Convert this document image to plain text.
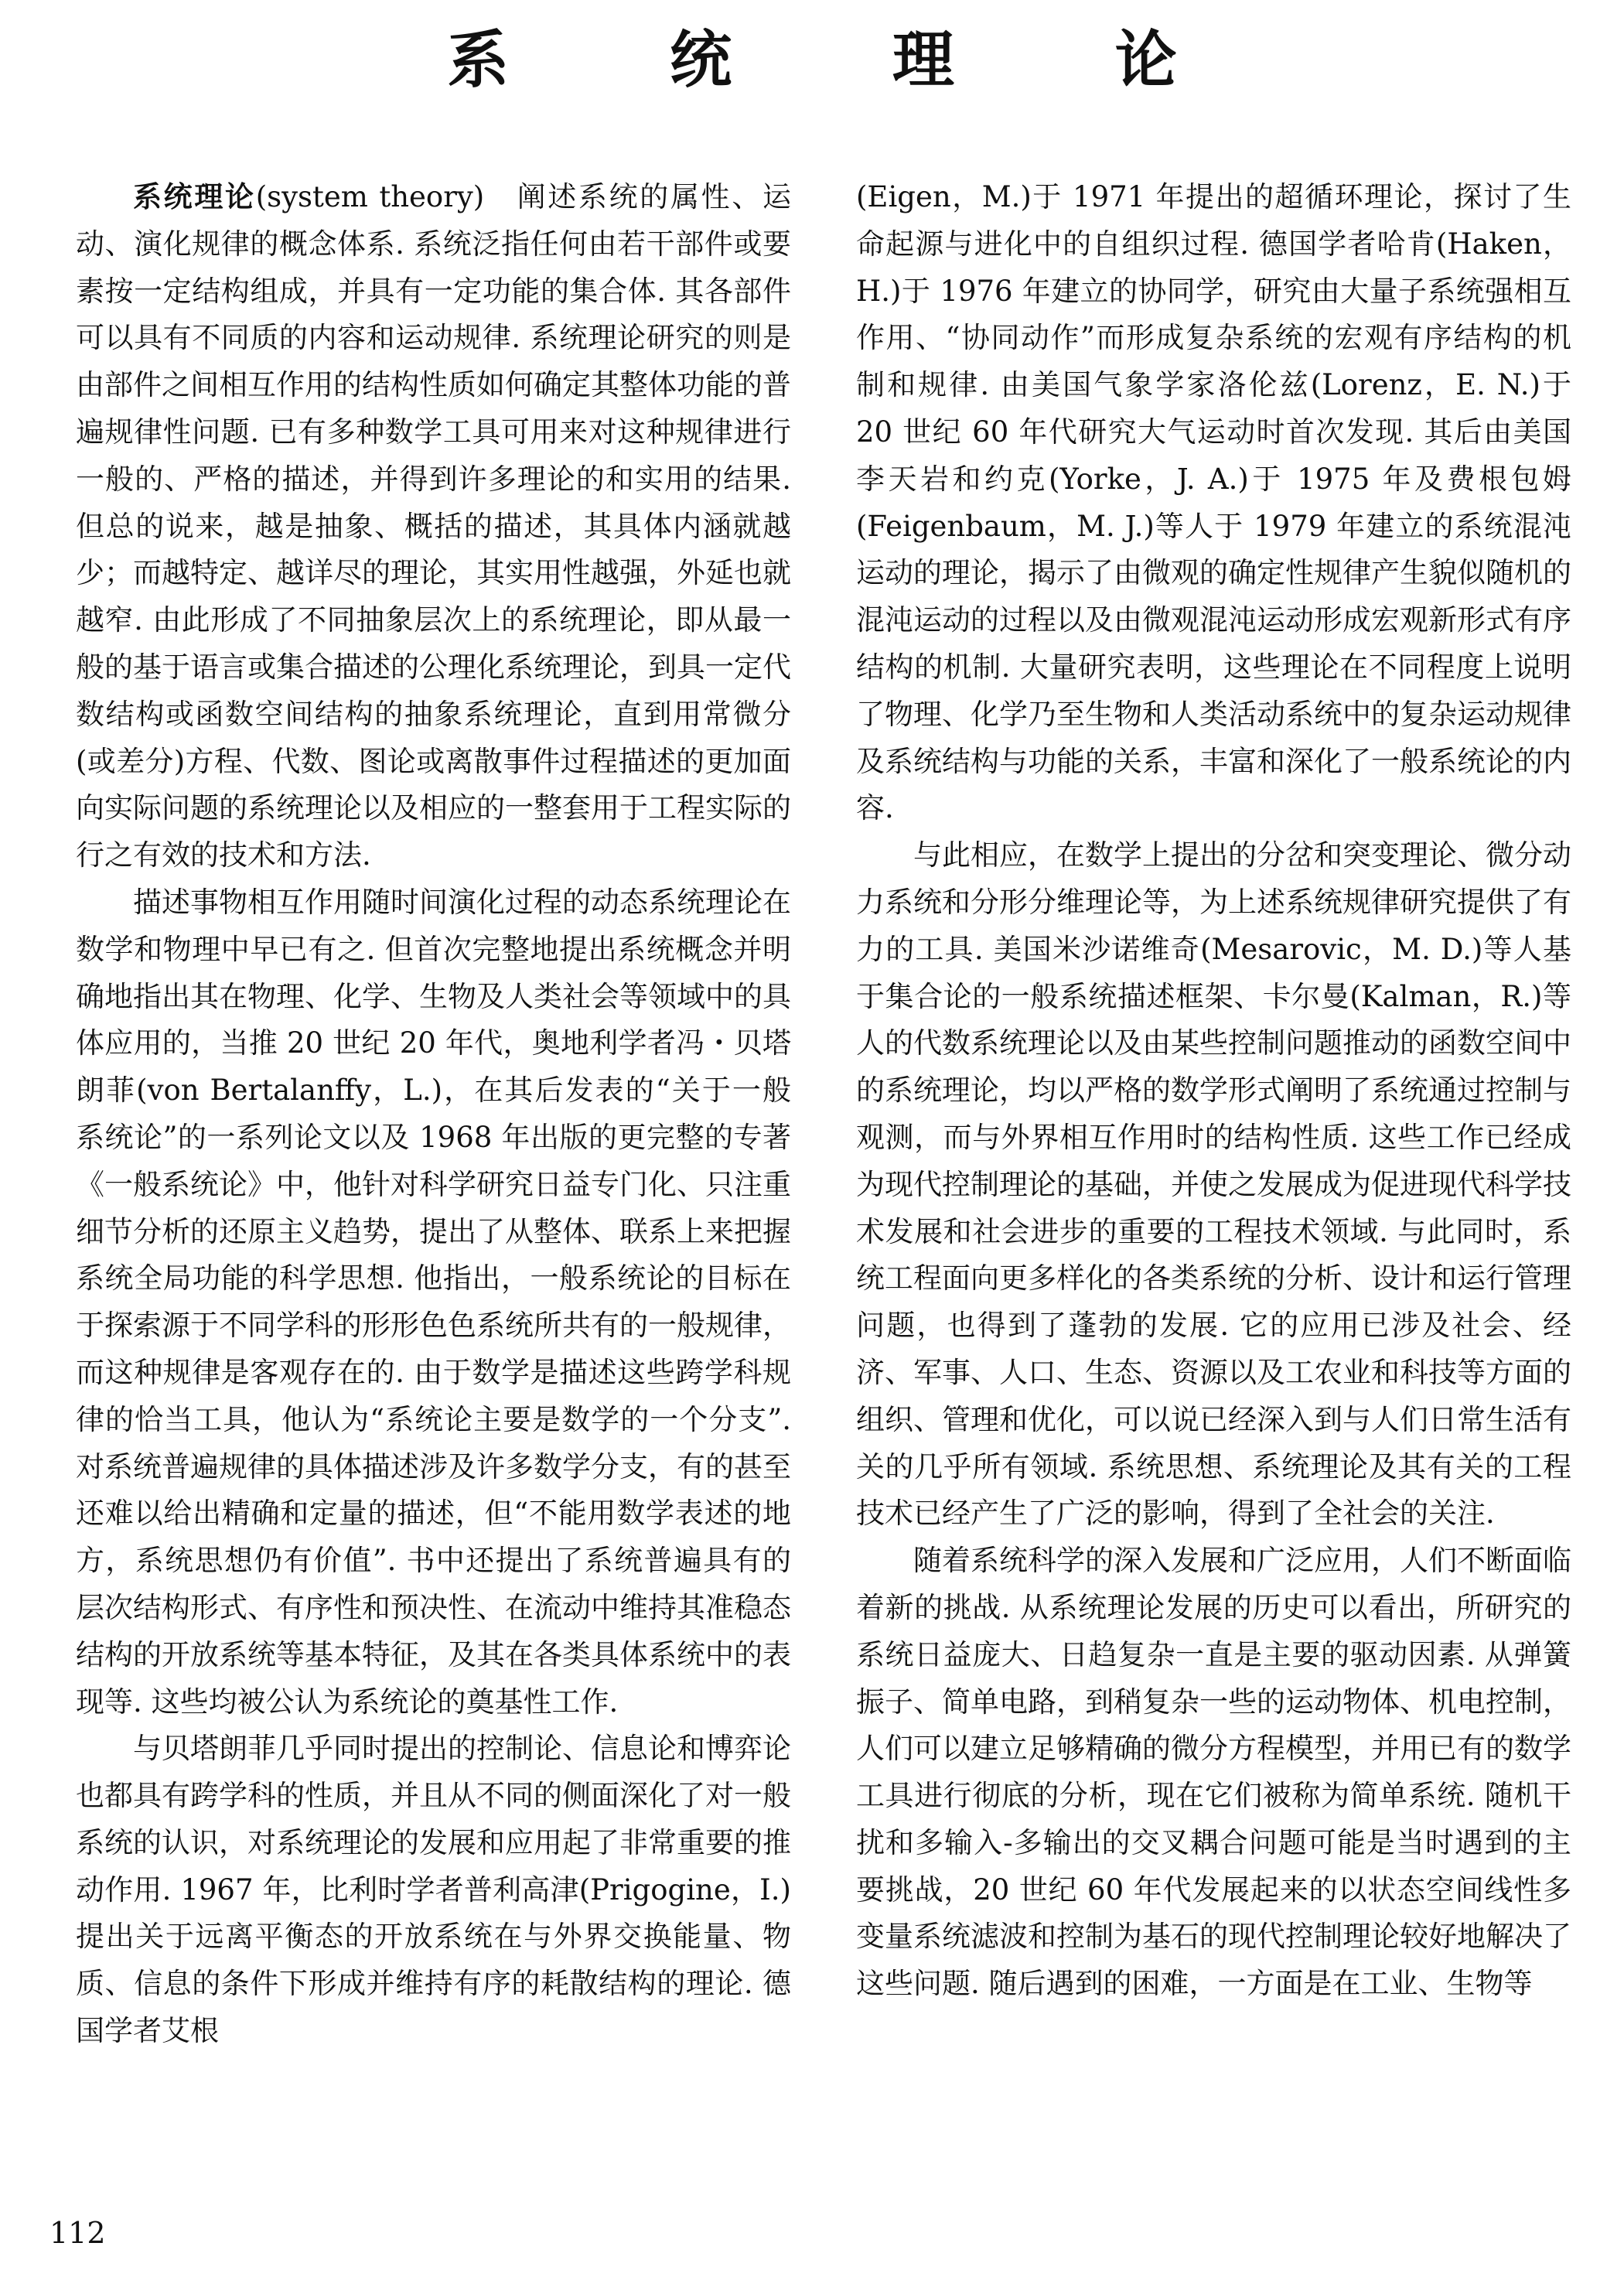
系 统 理 论

系统理论(system theory)　阐述系统的属性、运动、演化规律的概念体系. 系统泛指任何由若干部件或要素按一定结构组成，并具有一定功能的集合体. 其各部件可以具有不同质的内容和运动规律. 系统理论研究的则是由部件之间相互作用的结构性质如何确定其整体功能的普遍规律性问题. 已有多种数学工具可用来对这种规律进行一般的、严格的描述，并得到许多理论的和实用的结果. 但总的说来，越是抽象、概括的描述，其具体内涵就越少；而越特定、越详尽的理论，其实用性越强，外延也就越窄. 由此形成了不同抽象层次上的系统理论，即从最一般的基于语言或集合描述的公理化系统理论，到具一定代数结构或函数空间结构的抽象系统理论，直到用常微分(或差分)方程、代数、图论或离散事件过程描述的更加面向实际问题的系统理论以及相应的一整套用于工程实际的行之有效的技术和方法.

描述事物相互作用随时间演化过程的动态系统理论在数学和物理中早已有之. 但首次完整地提出系统概念并明确地指出其在物理、化学、生物及人类社会等领域中的具体应用的，当推 20 世纪 20 年代，奥地利学者冯・贝塔朗菲(von Bertalanffy，L.)，在其后发表的“关于一般系统论”的一系列论文以及 1968 年出版的更完整的专著《一般系统论》中，他针对科学研究日益专门化、只注重细节分析的还原主义趋势，提出了从整体、联系上来把握系统全局功能的科学思想. 他指出，一般系统论的目标在于探索源于不同学科的形形色色系统所共有的一般规律，而这种规律是客观存在的. 由于数学是描述这些跨学科规律的恰当工具，他认为“系统论主要是数学的一个分支”. 对系统普遍规律的具体描述涉及许多数学分支，有的甚至还难以给出精确和定量的描述，但“不能用数学表述的地方，系统思想仍有价值”. 书中还提出了系统普遍具有的层次结构形式、有序性和预决性、在流动中维持其准稳态结构的开放系统等基本特征，及其在各类具体系统中的表现等. 这些均被公认为系统论的奠基性工作.

与贝塔朗菲几乎同时提出的控制论、信息论和博弈论也都具有跨学科的性质，并且从不同的侧面深化了对一般系统的认识，对系统理论的发展和应用起了非常重要的推动作用. 1967 年，比利时学者普利高津(Prigogine，I.)提出关于远离平衡态的开放系统在与外界交换能量、物质、信息的条件下形成并维持有序的耗散结构的理论. 德国学者艾根

(Eigen，M.)于 1971 年提出的超循环理论，探讨了生命起源与进化中的自组织过程. 德国学者哈肯(Haken，H.)于 1976 年建立的协同学，研究由大量子系统强相互作用、“协同动作”而形成复杂系统的宏观有序结构的机制和规律. 由美国气象学家洛伦兹(Lorenz，E. N.)于 20 世纪 60 年代研究大气运动时首次发现. 其后由美国李天岩和约克(Yorke，J. A.)于 1975 年及费根包姆(Feigenbaum，M. J.)等人于 1979 年建立的系统混沌运动的理论，揭示了由微观的确定性规律产生貌似随机的混沌运动的过程以及由微观混沌运动形成宏观新形式有序结构的机制. 大量研究表明，这些理论在不同程度上说明了物理、化学乃至生物和人类活动系统中的复杂运动规律及系统结构与功能的关系，丰富和深化了一般系统论的内容.

与此相应，在数学上提出的分岔和突变理论、微分动力系统和分形分维理论等，为上述系统规律研究提供了有力的工具. 美国米沙诺维奇(Mesarovic，M. D.)等人基于集合论的一般系统描述框架、卡尔曼(Kalman，R.)等人的代数系统理论以及由某些控制问题推动的函数空间中的系统理论，均以严格的数学形式阐明了系统通过控制与观测，而与外界相互作用时的结构性质. 这些工作已经成为现代控制理论的基础，并使之发展成为促进现代科学技术发展和社会进步的重要的工程技术领域. 与此同时，系统工程面向更多样化的各类系统的分析、设计和运行管理问题，也得到了蓬勃的发展. 它的应用已涉及社会、经济、军事、人口、生态、资源以及工农业和科技等方面的组织、管理和优化，可以说已经深入到与人们日常生活有关的几乎所有领域. 系统思想、系统理论及其有关的工程技术已经产生了广泛的影响，得到了全社会的关注.

随着系统科学的深入发展和广泛应用，人们不断面临着新的挑战. 从系统理论发展的历史可以看出，所研究的系统日益庞大、日趋复杂一直是主要的驱动因素. 从弹簧振子、简单电路，到稍复杂一些的运动物体、机电控制，人们可以建立足够精确的微分方程模型，并用已有的数学工具进行彻底的分析，现在它们被称为简单系统. 随机干扰和多输入-多输出的交叉耦合问题可能是当时遇到的主要挑战，20 世纪 60 年代发展起来的以状态空间线性多变量系统滤波和控制为基石的现代控制理论较好地解决了这些问题. 随后遇到的困难，一方面是在工业、生物等

112
